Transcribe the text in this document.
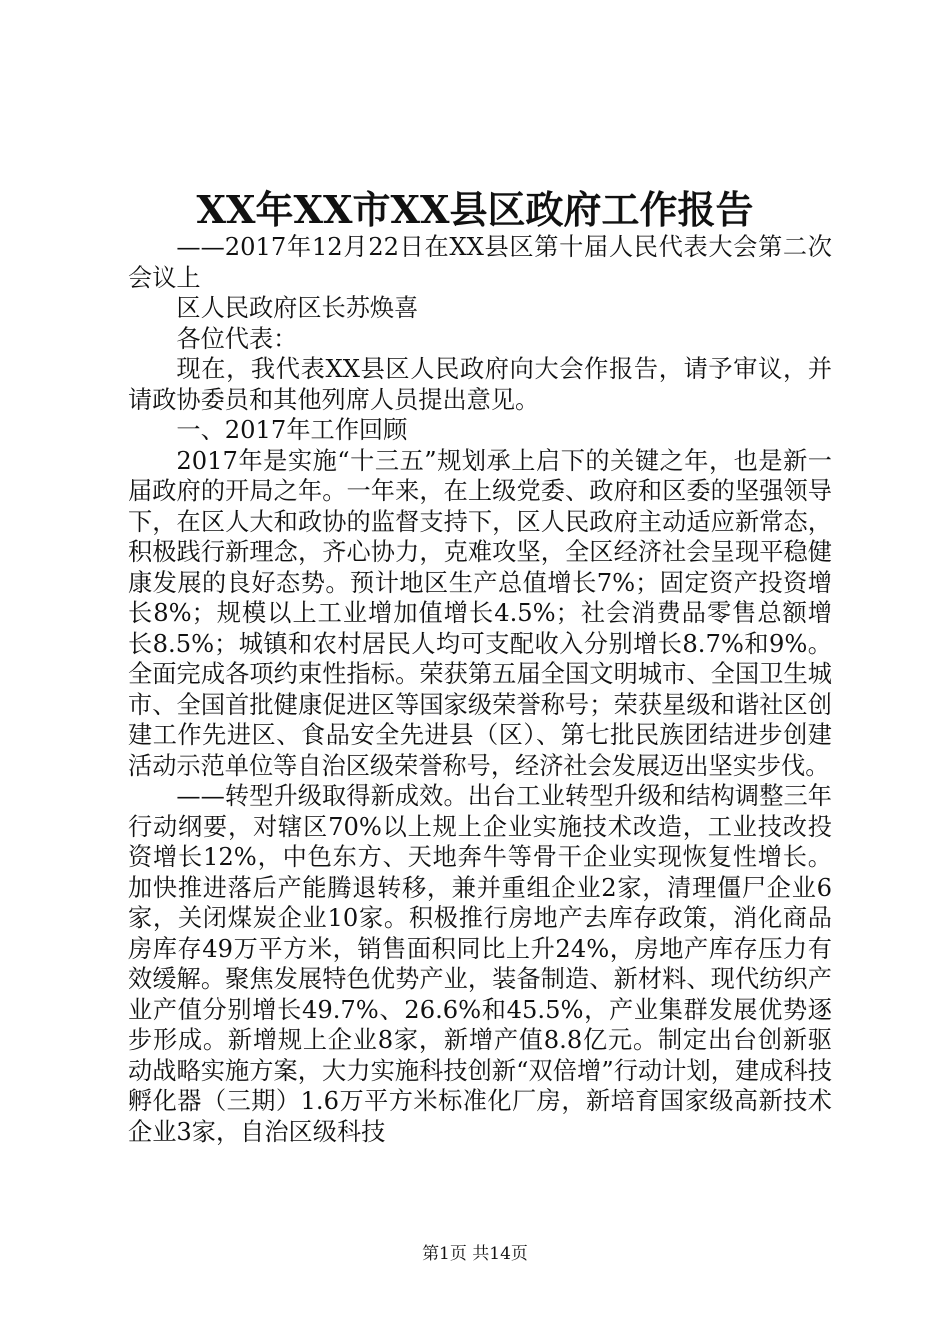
XX年XX市XX县区政府工作报告

——2017年12月22日在XX县区第十届人民代表大会第二次会议上

区人民政府区长苏焕喜

各位代表：

现在，我代表XX县区人民政府向大会作报告，请予审议，并请政协委员和其他列席人员提出意见。

一、2017年工作回顾

2017年是实施“十三五”规划承上启下的关键之年，也是新一届政府的开局之年。一年来，在上级党委、政府和区委的坚强领导下，在区人大和政协的监督支持下，区人民政府主动适应新常态，积极践行新理念，齐心协力，克难攻坚，全区经济社会呈现平稳健康发展的良好态势。预计地区生产总值增长7%；固定资产投资增长8%；规模以上工业增加值增长4.5%；社会消费品零售总额增长8.5%；城镇和农村居民人均可支配收入分别增长8.7%和9%。全面完成各项约束性指标。荣获第五届全国文明城市、全国卫生城市、全国首批健康促进区等国家级荣誉称号；荣获星级和谐社区创建工作先进区、食品安全先进县（区）、第七批民族团结进步创建活动示范单位等自治区级荣誉称号，经济社会发展迈出坚实步伐。

——转型升级取得新成效。出台工业转型升级和结构调整三年行动纲要，对辖区70%以上规上企业实施技术改造，工业技改投资增长12%，中色东方、天地奔牛等骨干企业实现恢复性增长。加快推进落后产能腾退转移，兼并重组企业2家，清理僵尸企业6家，关闭煤炭企业10家。积极推行房地产去库存政策，消化商品房库存49万平方米，销售面积同比上升24%，房地产库存压力有效缓解。聚焦发展特色优势产业，装备制造、新材料、现代纺织产业产值分别增长49.7%、26.6%和45.5%，产业集群发展优势逐步形成。新增规上企业8家，新增产值8.8亿元。制定出台创新驱动战略实施方案，大力实施科技创新“双倍增”行动计划，建成科技孵化器（三期）1.6万平方米标准化厂房，新培育国家级高新技术企业3家，自治区级科技

第1页 共14页
